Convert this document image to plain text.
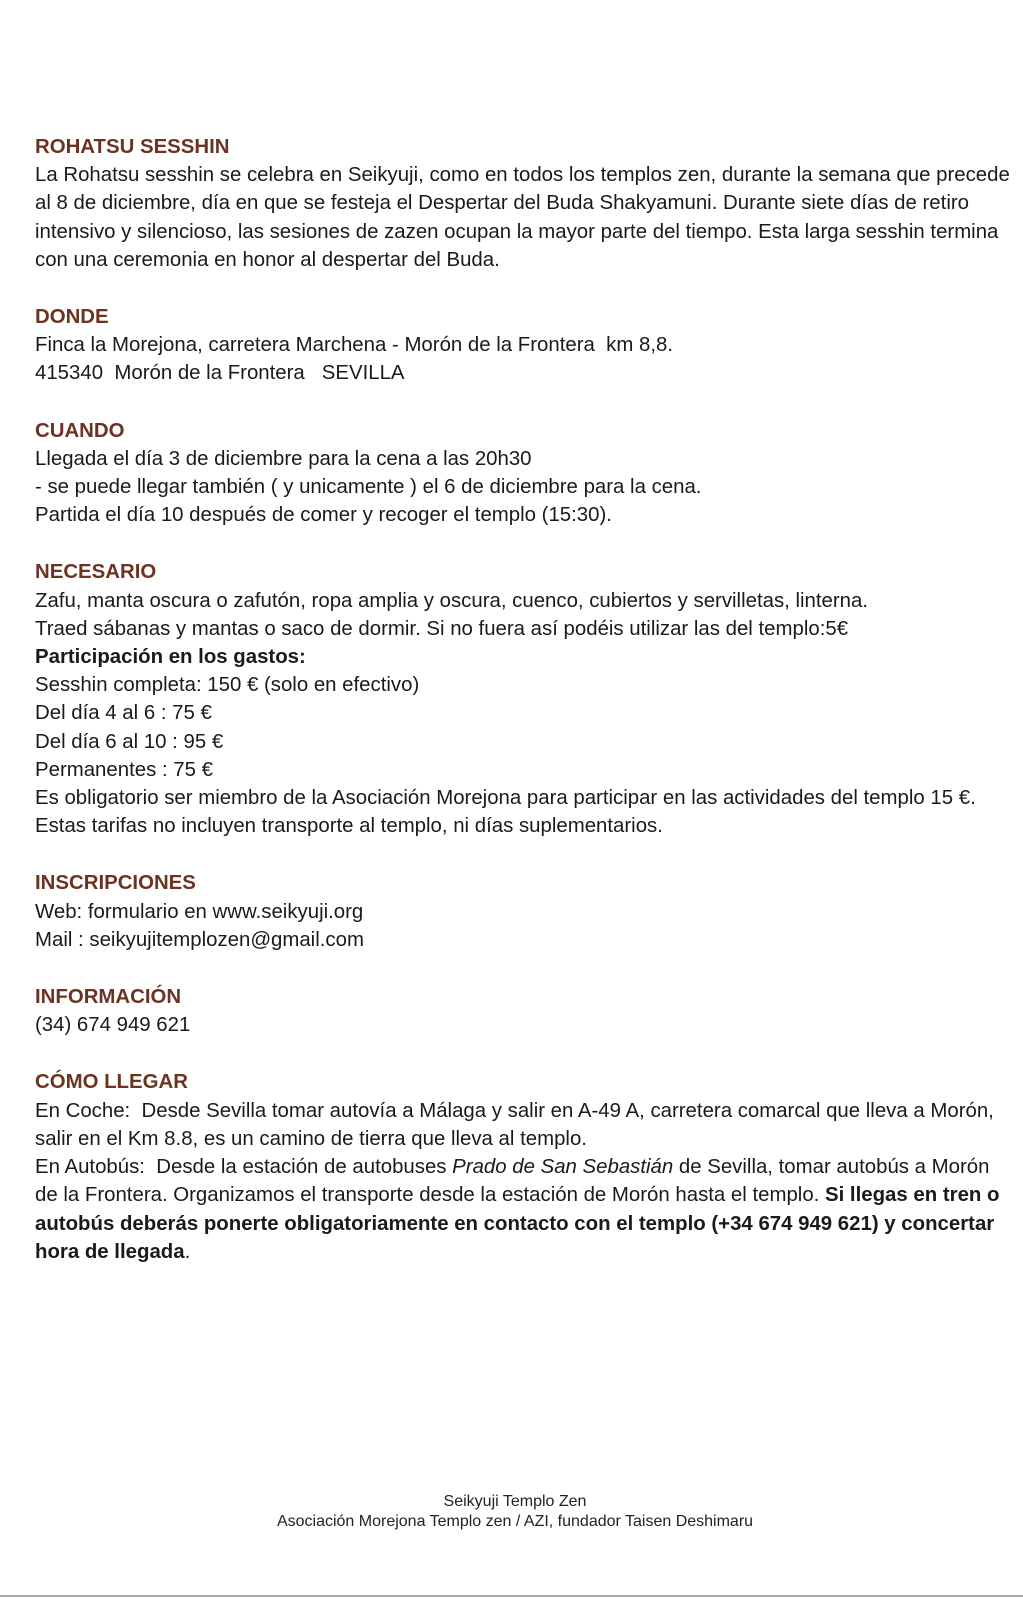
ROHATSU SESSHIN

La Rohatsu sesshin se celebra en Seikyuji, como en todos los templos zen, durante la semana que precede al 8 de diciembre, día en que se festeja el Despertar del Buda Shakyamuni. Durante siete días de retiro intensivo y silencioso, las sesiones de zazen ocupan la mayor parte del tiempo. Esta larga sesshin termina con una ceremonia en honor al despertar del Buda.

DONDE

Finca la Morejona, carretera Marchena - Morón de la Frontera  km 8,8.

415340  Morón de la Frontera   SEVILLA

CUANDO

Llegada el día 3 de diciembre para la cena a las 20h30

- se puede llegar también ( y unicamente ) el 6 de diciembre para la cena.

Partida el día 10 después de comer y recoger el templo (15:30).

NECESARIO

Zafu, manta oscura o zafutón, ropa amplia y oscura, cuenco, cubiertos y servilletas, linterna.

Traed sábanas y mantas o saco de dormir. Si no fuera así podéis utilizar las del templo:5€

Participación en los gastos:

Sesshin completa: 150 € (solo en efectivo)

Del día 4 al 6 : 75 €

Del día 6 al 10 : 95 €

Permanentes : 75 €

Es obligatorio ser miembro de la Asociación Morejona para participar en las actividades del templo 15 €.

Estas tarifas no incluyen transporte al templo, ni días suplementarios.

INSCRIPCIONES

Web: formulario en www.seikyuji.org

Mail : seikyujitemplozen@gmail.com

INFORMACIÓN

(34) 674 949 621

CÓMO LLEGAR

En Coche:  Desde Sevilla tomar autovía a Málaga y salir en A-49 A, carretera comarcal que lleva a Morón, salir en el Km 8.8, es un camino de tierra que lleva al templo.

En Autobús:  Desde la estación de autobuses Prado de San Sebastián de Sevilla, tomar autobús a Morón de la Frontera. Organizamos el transporte desde la estación de Morón hasta el templo. Si llegas en tren o autobús deberás ponerte obligatoriamente en contacto con el templo (+34 674 949 621) y concertar hora de llegada.

Seikyuji Templo Zen
Asociación Morejona Templo zen / AZI, fundador Taisen Deshimaru
